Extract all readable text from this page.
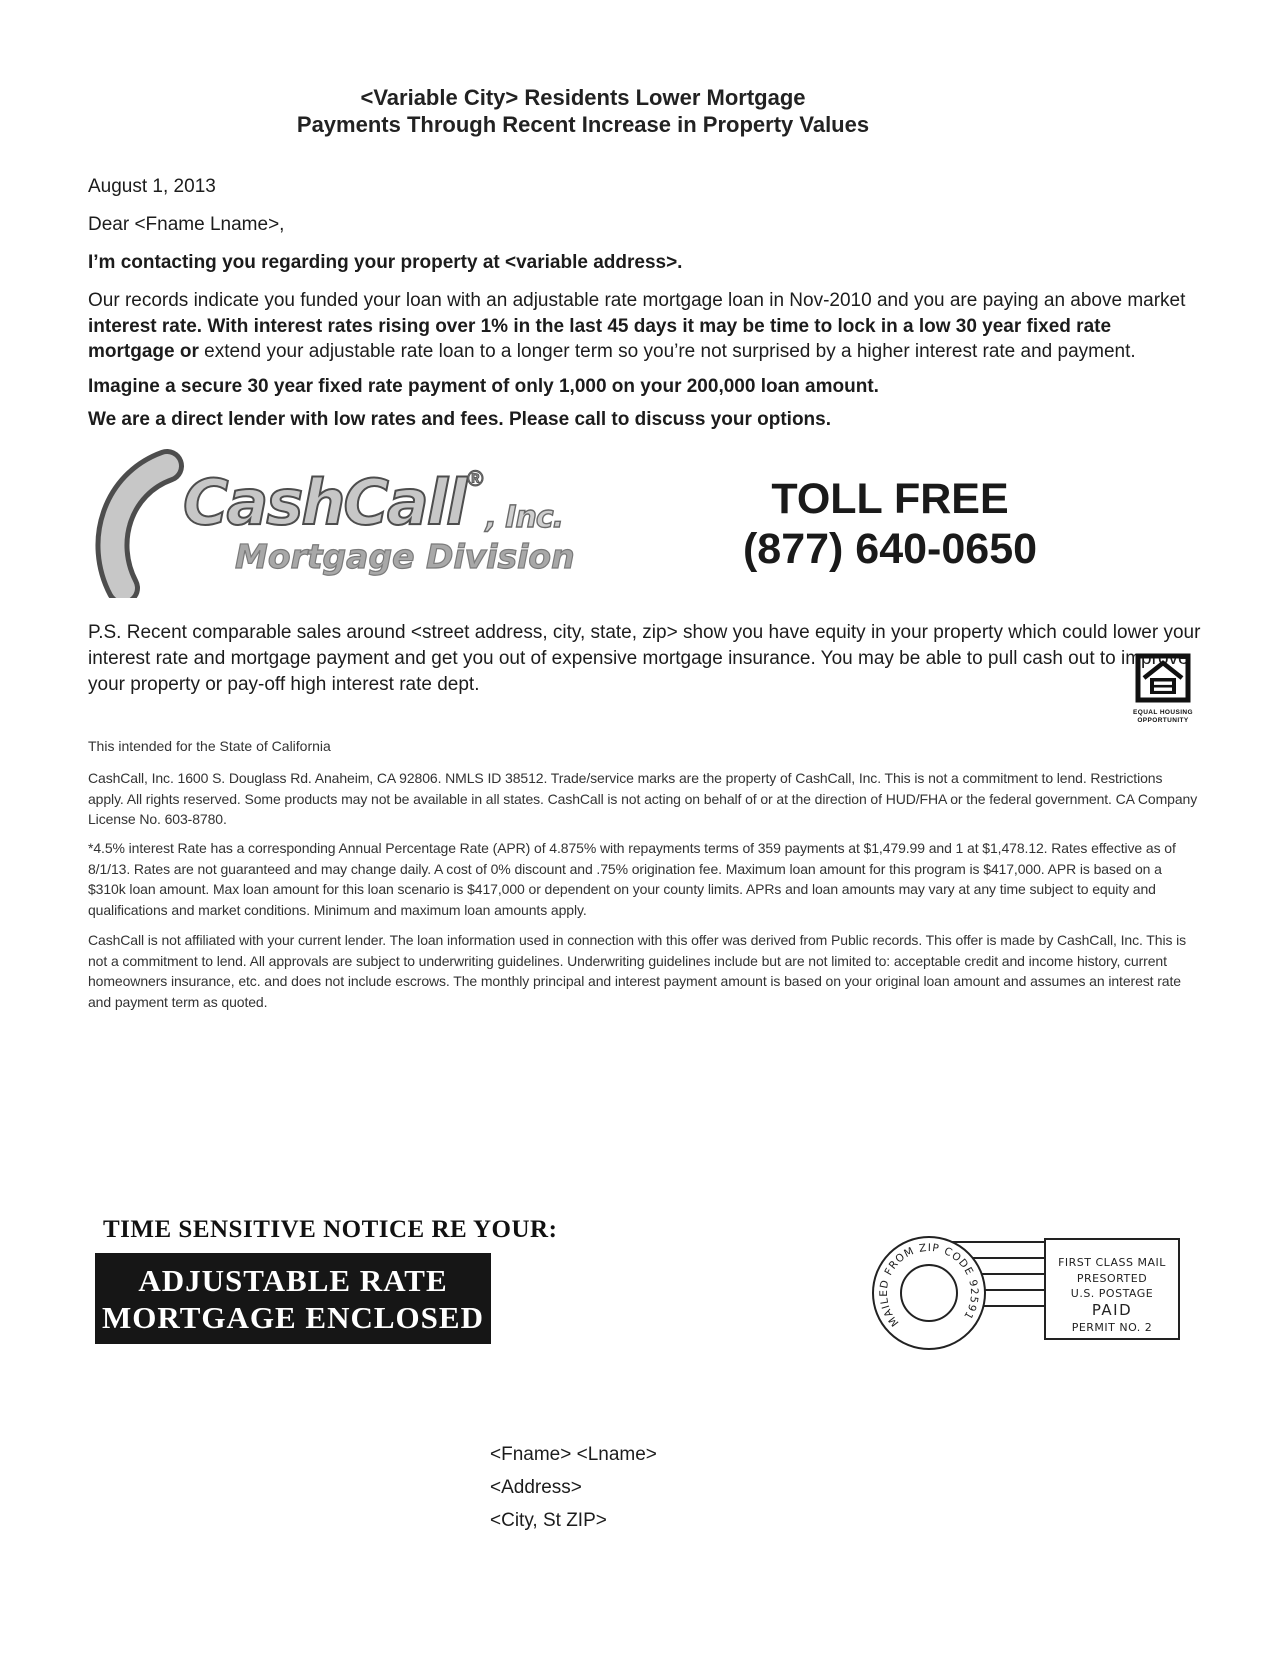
<Variable City> Residents Lower Mortgage
Payments Through Recent Increase in Property Values
August 1, 2013
Dear <Fname Lname>,
I’m contacting you regarding your property at <variable address>.
Our records indicate you funded your loan with an adjustable rate mortgage loan in Nov-2010 and you are paying an above market interest rate. With interest rates rising over 1% in the last 45 days it may be time to lock in a low 30 year fixed rate mortgage or extend your adjustable rate loan to a longer term so you’re not surprised by a higher interest rate and payment.
Imagine a secure 30 year fixed rate payment of only 1,000 on your 200,000 loan amount.
We are a direct lender with low rates and fees. Please call to discuss your options.
CashCall ®
, Inc.
Mortgage Division
TOLL FREE
(877) 640-0650
P.S. Recent comparable sales around <street address, city, state, zip> show you have equity in your property which could lower your interest rate and mortgage payment and get you out of expensive mortgage insurance. You may be able to pull cash out to improve your property or pay-off high interest rate dept.
EQUAL HOUSING
OPPORTUNITY
This intended for the State of California
CashCall, Inc. 1600 S. Douglass Rd. Anaheim, CA 92806. NMLS ID 38512. Trade/service marks are the property of CashCall, Inc. This is not a commitment to lend. Restrictions apply. All rights reserved. Some products may not be available in all states. CashCall is not acting on behalf of or at the direction of HUD/FHA or the federal government. CA Company License No. 603-8780.
*4.5% interest Rate has a corresponding Annual Percentage Rate (APR) of 4.875% with repayments terms of 359 payments at $1,479.99 and 1 at $1,478.12. Rates effective as of 8/1/13. Rates are not guaranteed and may change daily. A cost of 0% discount and .75% origination fee. Maximum loan amount for this program is $417,000. APR is based on a $310k loan amount. Max loan amount for this loan scenario is $417,000 or dependent on your county limits. APRs and loan amounts may vary at any time subject to equity and qualifications and market conditions. Minimum and maximum loan amounts apply.
CashCall is not affiliated with your current lender. The loan information used in connection with this offer was derived from Public records. This offer is made by CashCall, Inc. This is not a commitment to lend. All approvals are subject to underwriting guidelines. Underwriting guidelines include but are not limited to: acceptable credit and income history, current homeowners insurance, etc. and does not include escrows. The monthly principal and interest payment amount is based on your original loan amount and assumes an interest rate and payment term as quoted.
TIME SENSITIVE NOTICE RE YOUR:
ADJUSTABLE RATE
MORTGAGE ENCLOSED	MAILED FROM ZIP CODE 92591
FIRST CLASS MAIL
PRESORTED
U.S. POSTAGE
PAID
PERMIT NO. 2
<Fname> <Lname>
<Address>
<City, St ZIP>
